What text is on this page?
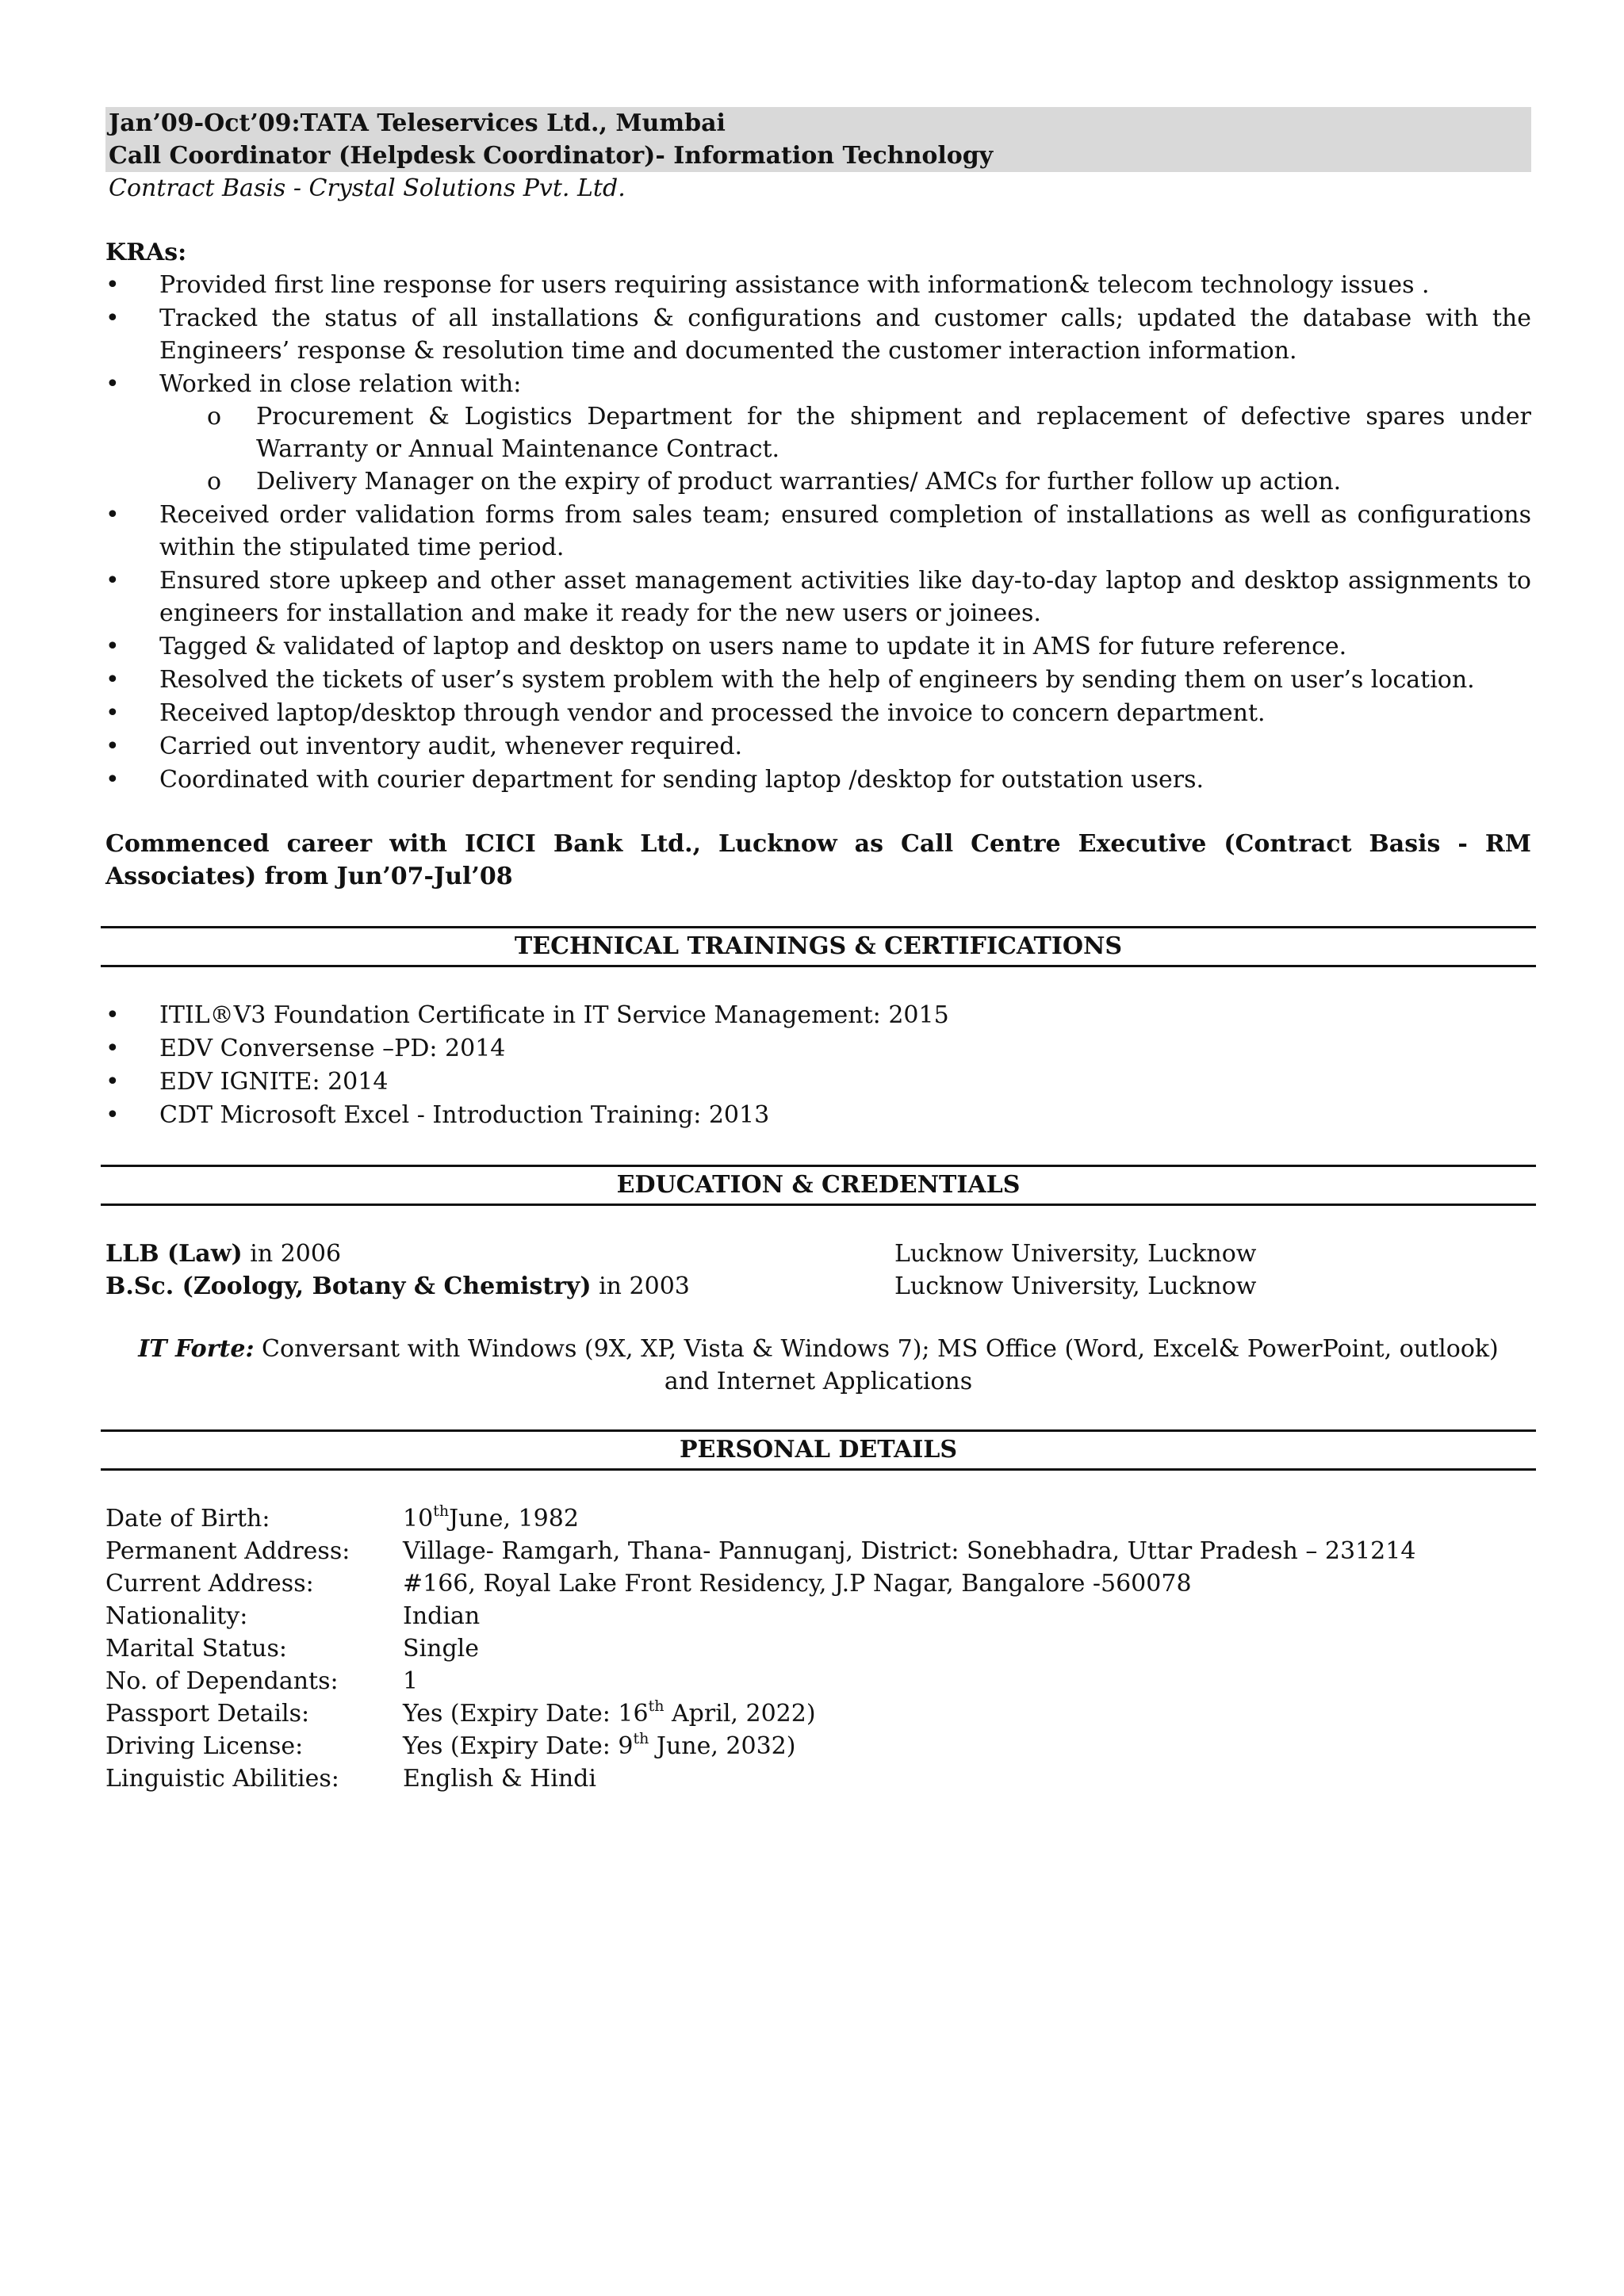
Jan’09-Oct’09:TATA Teleservices Ltd., Mumbai
Call Coordinator (Helpdesk Coordinator)- Information Technology
Contract Basis - Crystal Solutions Pvt. Ltd.
KRAs:
• Provided first line response for users requiring assistance with information& telecom technology issues .
• Tracked the status of all installations & configurations and customer calls; updated the database with the Engineers’ response & resolution time and documented the customer interaction information.
• Worked in close relation with:
o Procurement & Logistics Department for the shipment and replacement of defective spares under Warranty or Annual Maintenance Contract.
o Delivery Manager on the expiry of product warranties/ AMCs for further follow up action.
• Received order validation forms from sales team; ensured completion of installations as well as configurations within the stipulated time period.
• Ensured store upkeep and other asset management activities like day-to-day laptop and desktop assignments to engineers for installation and make it ready for the new users or joinees.
• Tagged & validated of laptop and desktop on users name to update it in AMS for future reference.
• Resolved the tickets of user’s system problem with the help of engineers by sending them on user’s location.
• Received laptop/desktop through vendor and processed the invoice to concern department.
• Carried out inventory audit, whenever required.
• Coordinated with courier department for sending laptop /desktop for outstation users.
Commenced career with ICICI Bank Ltd., Lucknow as Call Centre Executive (Contract Basis - RM Associates) from Jun’07-Jul’08
TECHNICAL TRAININGS & CERTIFICATIONS
• ITIL®V3 Foundation Certificate in IT Service Management: 2015
• EDV Conversense –PD: 2014
• EDV IGNITE: 2014
• CDT Microsoft Excel - Introduction Training: 2013
EDUCATION & CREDENTIALS
LLB (Law) in 2006	Lucknow University, Lucknow
B.Sc. (Zoology, Botany & Chemistry) in 2003	Lucknow University, Lucknow
IT Forte: Conversant with Windows (9X, XP, Vista & Windows 7); MS Office (Word, Excel& PowerPoint, outlook) and Internet Applications
PERSONAL DETAILS
Date of Birth:	10thJune, 1982
Permanent Address:	Village- Ramgarh, Thana- Pannuganj, District: Sonebhadra, Uttar Pradesh – 231214
Current Address:	#166, Royal Lake Front Residency, J.P Nagar, Bangalore -560078
Nationality:	Indian
Marital Status:	Single
No. of Dependants:	1
Passport Details:	Yes (Expiry Date: 16th April, 2022)
Driving License:	Yes (Expiry Date: 9th June, 2032)
Linguistic Abilities:	English & Hindi
